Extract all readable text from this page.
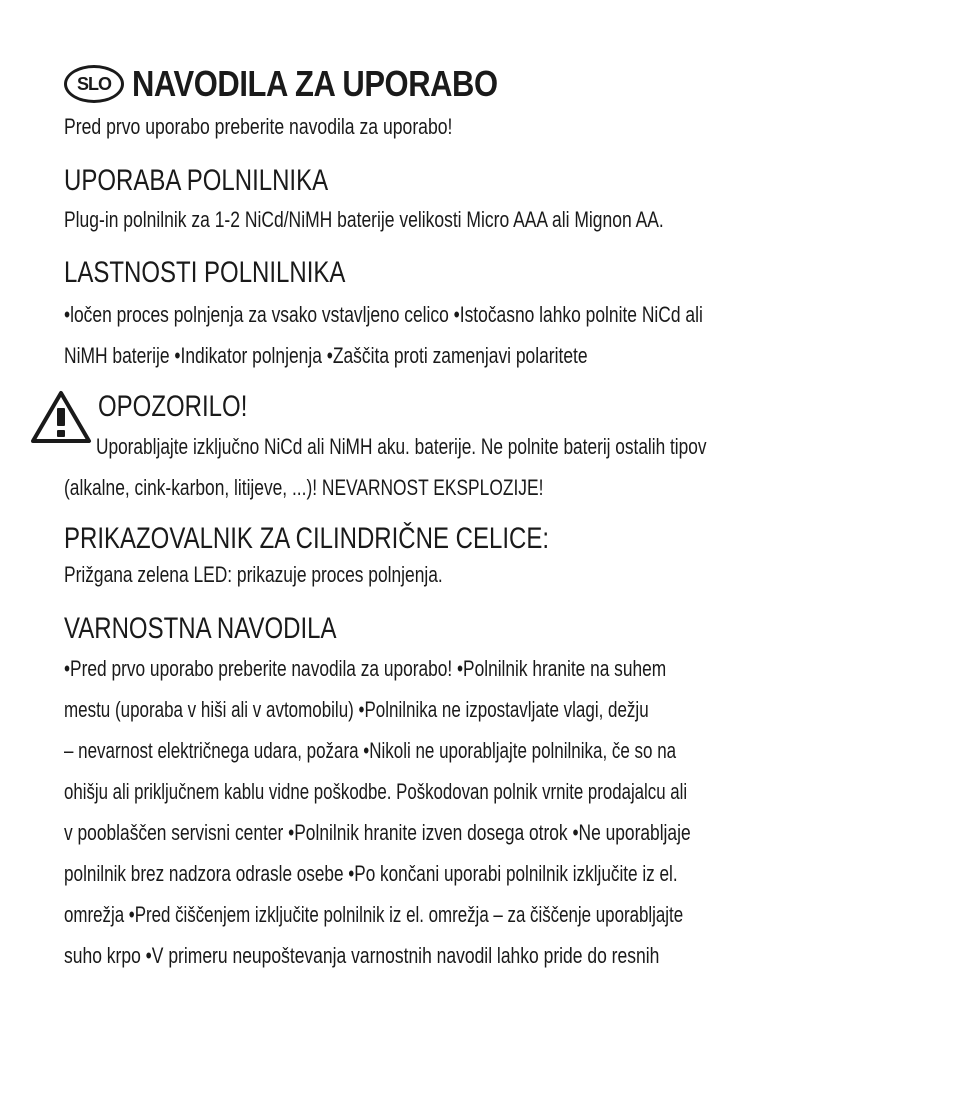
SLO NAVODILA ZA UPORABO
Pred prvo uporabo preberite navodila za uporabo!
UPORABA POLNILNIKA
Plug-in polnilnik za 1-2 NiCd/NiMH baterije velikosti Micro AAA ali Mignon AA.
LASTNOSTI POLNILNIKA
•ločen proces polnjenja za vsako vstavljeno celico •Istočasno lahko polnite NiCd ali
NiMH baterije •Indikator polnjenja •Zaščita proti zamenjavi polaritete
OPOZORILO!
Uporabljajte izključno NiCd ali NiMH aku. baterije. Ne polnite baterij ostalih tipov
(alkalne, cink-karbon, litijeve, ...)! NEVARNOST EKSPLOZIJE!
PRIKAZOVALNIK ZA CILINDRIČNE CELICE:
Prižgana zelena LED: prikazuje proces polnjenja.
VARNOSTNA NAVODILA

•Pred prvo uporabo preberite navodila za uporabo! •Polnilnik hranite na suhem

mestu (uporaba v hiši ali v avtomobilu) •Polnilnika ne izpostavljate vlagi, dežju

– nevarnost električnega udara, požara •Nikoli ne uporabljajte polnilnika, če so na

ohišju ali priključnem kablu vidne poškodbe. Poškodovan polnik vrnite prodajalcu ali

v pooblaščen servisni center •Polnilnik hranite izven dosega otrok •Ne uporabljaje

polnilnik brez nadzora odrasle osebe •Po končani uporabi polnilnik izključite iz el.

omrežja •Pred čiščenjem izključite polnilnik iz el. omrežja – za čiščenje uporabljajte

suho krpo •V primeru neupoštevanja varnostnih navodil lahko pride do resnih
